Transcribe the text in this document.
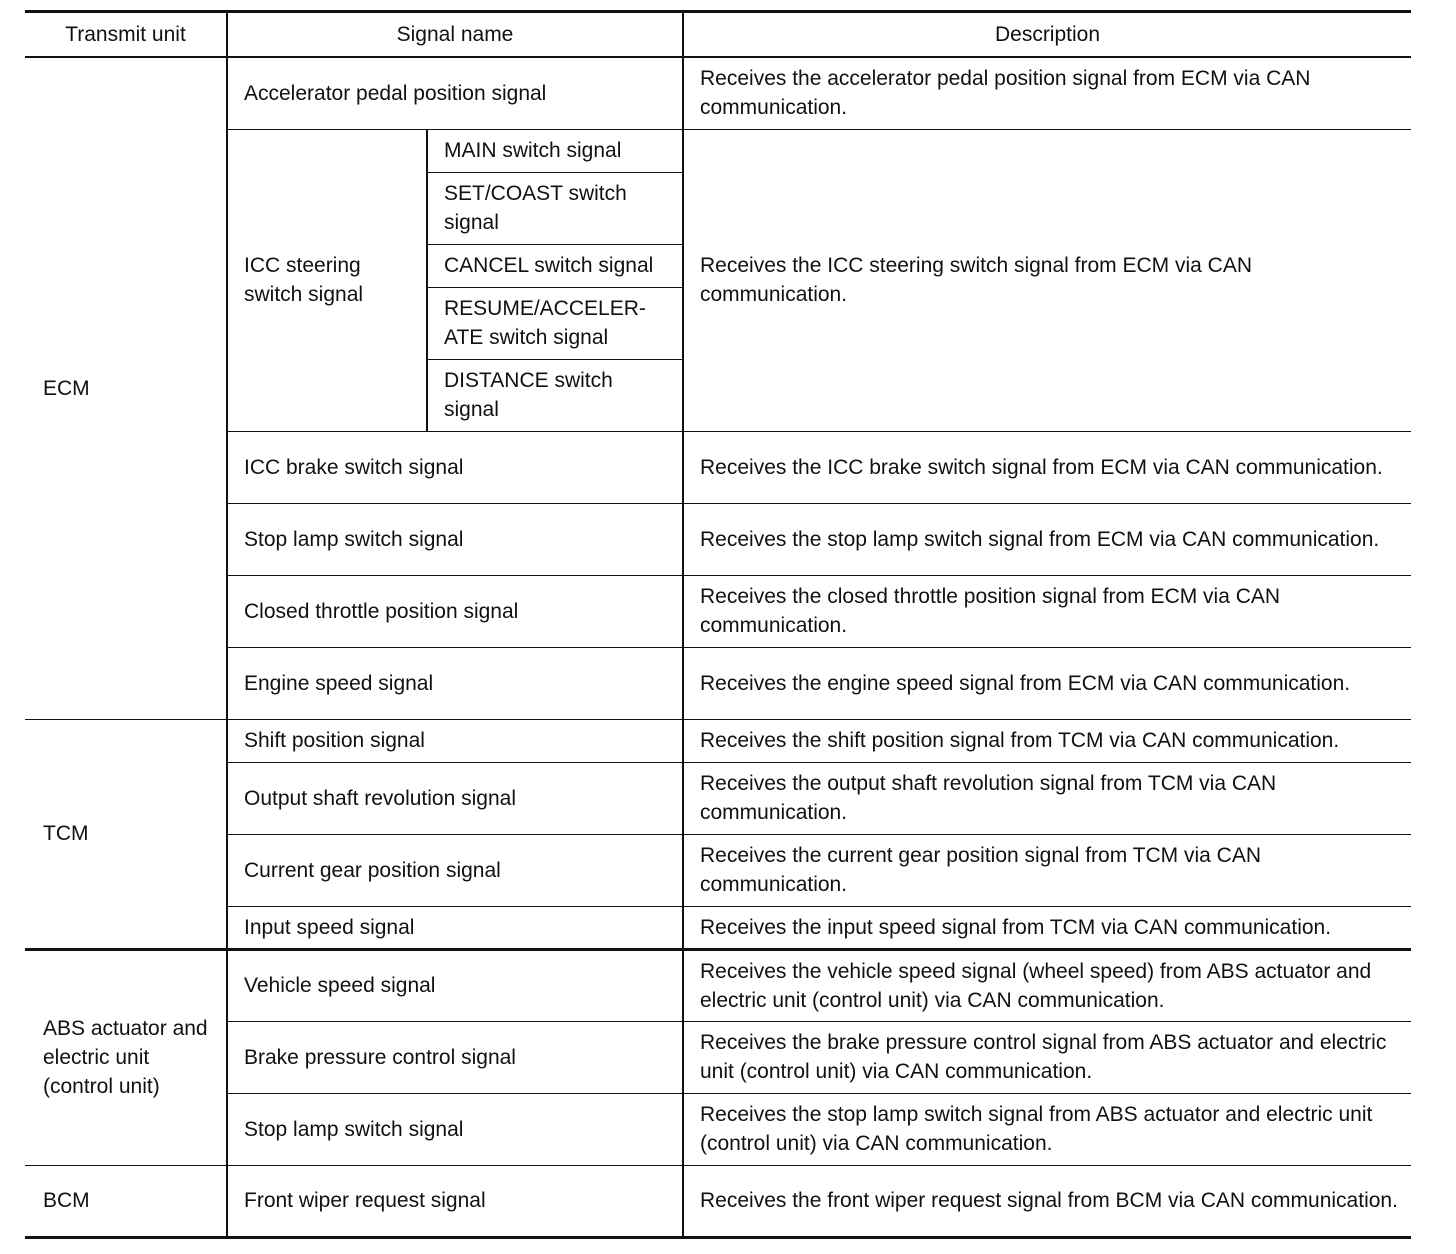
Transmit unit	Signal name		Description
ECM	Accelerator pedal position signal		Receives the accelerator pedal position signal from ECM via CAN communication.
	ICC steering switch signal	MAIN switch signal	Receives the ICC steering switch signal from ECM via CAN communication.
		SET/COAST switch signal	
		CANCEL switch signal	
		RESUME/ACCELER-ATE switch signal	
		DISTANCE switch signal	
	ICC brake switch signal		Receives the ICC brake switch signal from ECM via CAN communication.
	Stop lamp switch signal		Receives the stop lamp switch signal from ECM via CAN communication.
	Closed throttle position signal		Receives the closed throttle position signal from ECM via CAN communication.
	Engine speed signal		Receives the engine speed signal from ECM via CAN communication.
TCM	Shift position signal		Receives the shift position signal from TCM via CAN communication.
	Output shaft revolution signal		Receives the output shaft revolution signal from TCM via CAN communication.
	Current gear position signal		Receives the current gear position signal from TCM via CAN communication.
	Input speed signal		Receives the input speed signal from TCM via CAN communication.
ABS actuator and electric unit (control unit)	Vehicle speed signal		Receives the vehicle speed signal (wheel speed) from ABS actuator and electric unit (control unit) via CAN communication.
	Brake pressure control signal		Receives the brake pressure control signal from ABS actuator and electric unit (control unit) via CAN communication.
	Stop lamp switch signal		Receives the stop lamp switch signal from ABS actuator and electric unit (control unit) via CAN communication.
BCM	Front wiper request signal		Receives the front wiper request signal from BCM via CAN communication.
